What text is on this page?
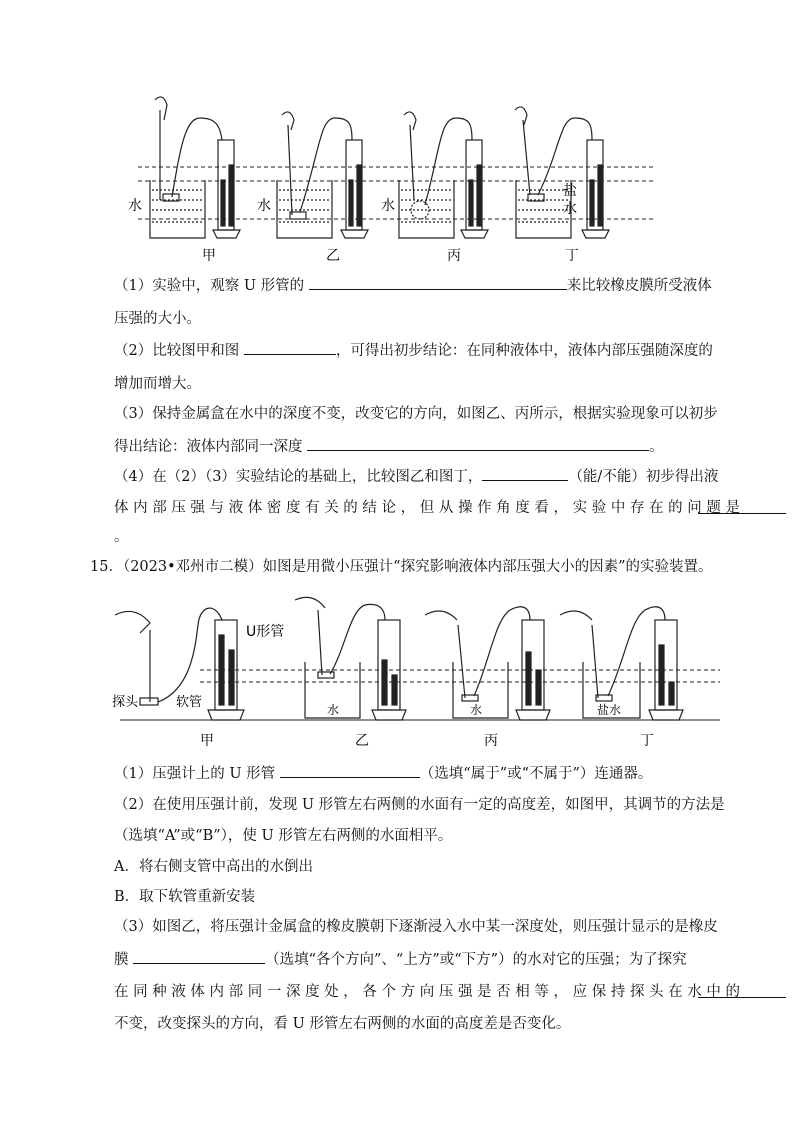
水	水	水
盐
水
甲	乙	丙	丁
（1）实验中，观察 U 形管的	来比较橡皮膜所受液体
压强的大小。
（2）比较图甲和图	，可得出初步结论：在同种液体中，液体内部压强随深度的
增加而增大。
（3）保持金属盒在水中的深度不变，改变它的方向，如图乙、丙所示，根据实验现象可以初步
得出结论：液体内部同一深度	。
（4）在（2）（3）实验结论的基础上，比较图乙和图丁，	（能/不能）初步得出液
体 内 部 压 强 与 液 体 密 度 有 关 的 结 论 ， 但 从 操 作 角 度 看 ， 实 验 中 存 在 的 问 题 是
。
15．（2023•邓州市二模）如图是用微小压强计“探究影响液体内部压强大小的因素”的实验装置。
U形管
探头	软管	水	水	盐水
甲	乙	丙	丁
（1）压强计上的 U 形管	（选填“属于”或“不属于”）连通器。
（2）在使用压强计前，发现 U 形管左右两侧的水面有一定的高度差，如图甲，其调节的方法是
（选填“A”或“B”），使 U 形管左右两侧的水面相平。
A．将右侧支管中高出的水倒出
B．取下软管重新安装
（3）如图乙，将压强计金属盒的橡皮膜朝下逐渐浸入水中某一深度处，则压强计显示的是橡皮
膜	（选填“各个方向”、“上方”或“下方”）的水对它的压强；为了探究
在 同 种 液 体 内 部 同 一 深 度 处 ， 各 个 方 向 压 强 是 否 相 等 ， 应 保 持 探 头 在 水 中 的
不变，改变探头的方向，看 U 形管左右两侧的水面的高度差是否变化。
